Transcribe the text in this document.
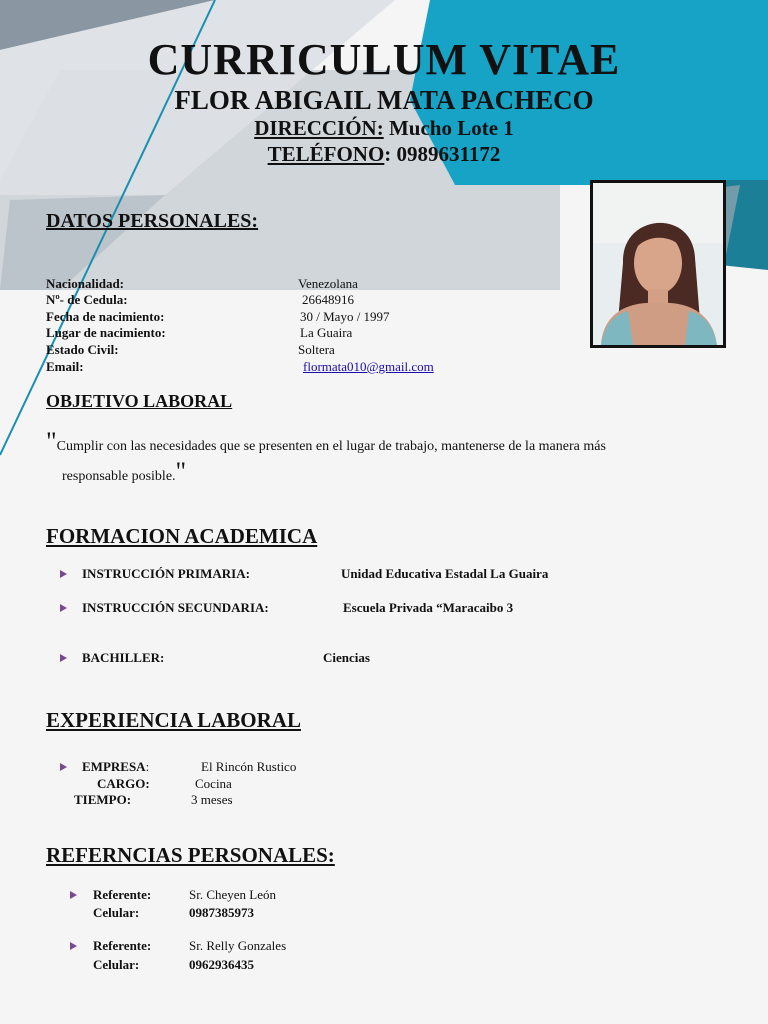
CURRICULUM VITAE
FLOR ABIGAIL MATA PACHECO
DIRECCIÓN: Mucho Lote 1
TELÉFONO: 0989631172
DATOS PERSONALES:
Nacionalidad:	Venezolana
Nº- de Cedula:	26648916
Fecha de nacimiento:	30 / Mayo / 1997
Lugar de nacimiento:	La Guaira
Estado Civil:	Soltera
Email:	flormata010@gmail.com
OBJETIVO LABORAL
"Cumplir con las necesidades que se presenten en el lugar de trabajo, mantenerse de la manera más
responsable posible."
FORMACION ACADEMICA
INSTRUCCIÓN PRIMARIA:	Unidad Educativa Estadal La Guaira
INSTRUCCIÓN SECUNDARIA:	Escuela Privada “Maracaibo 3
BACHILLER:	Ciencias
EXPERIENCIA LABORAL
EMPRESA:	El Rincón Rustico
CARGO:	Cocina
TIEMPO:	3 meses
REFERNCIAS PERSONALES:
Referente:	Sr. Cheyen León
Celular:	0987385973
Referente:	Sr. Relly Gonzales
Celular:	0962936435
